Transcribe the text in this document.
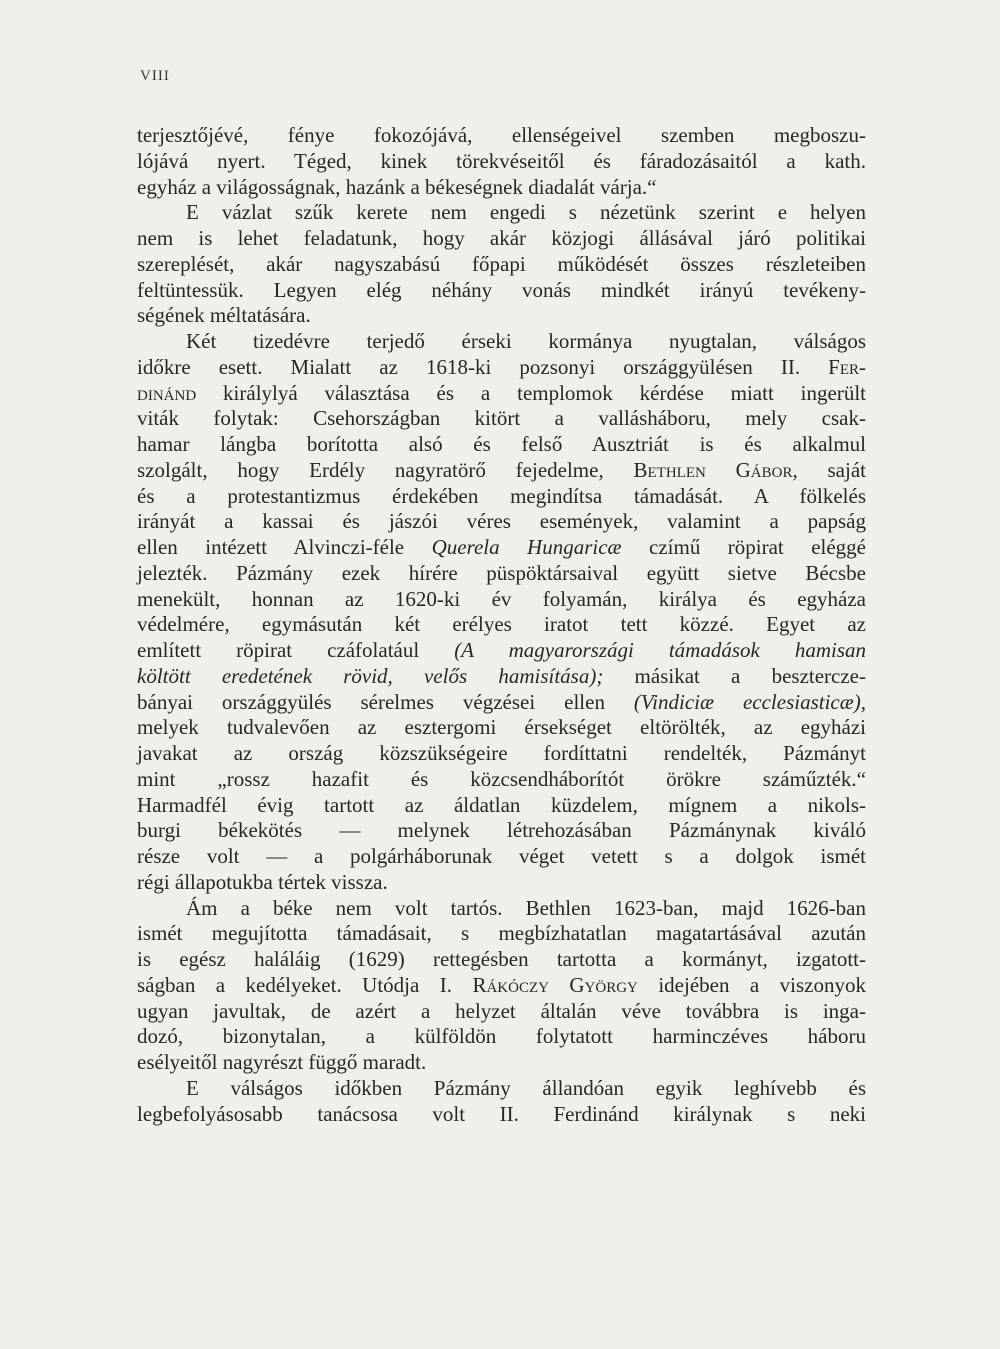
VIII
terjesztőjévé, fénye fokozójává, ellenségeivel szemben megboszu-
lójává nyert. Téged, kinek törekvéseitől és fáradozásaitól a kath.
egyház a világosságnak, hazánk a békeségnek diadalát várja.“
E vázlat szűk kerete nem engedi s nézetünk szerint e helyen
nem is lehet feladatunk, hogy akár közjogi állásával járó politikai
szereplését, akár nagyszabású főpapi működését összes részleteiben
feltüntessük. Legyen elég néhány vonás mindkét irányú tevékeny-
ségének méltatására.
Két tizedévre terjedő érseki kormánya nyugtalan, válságos
időkre esett. Mialatt az 1618-ki pozsonyi országgyülésen II. Fer-
dinánd királylyá választása és a templomok kérdése miatt ingerült
viták folytak: Csehországban kitört a vallásháboru, mely csak-
hamar lángba borította alsó és felső Ausztriát is és alkalmul
szolgált, hogy Erdély nagyratörő fejedelme, Bethlen Gábor, saját
és a protestantizmus érdekében megindítsa támadását. A fölkelés
irányát a kassai és jászói véres események, valamint a papság
ellen intézett Alvinczi-féle Querela Hungaricæ czímű röpirat eléggé
jelezték. Pázmány ezek hírére püspöktársaival együtt sietve Bécsbe
menekült, honnan az 1620-ki év folyamán, királya és egyháza
védelmére, egymásután két erélyes iratot tett közzé. Egyet az
említett röpirat czáfolatául (A magyarországi támadások hamisan
költött eredetének rövid, velős hamisítása); másikat a besztercze-
bányai országgyülés sérelmes végzései ellen (Vindiciæ ecclesiasticæ),
melyek tudvalevően az esztergomi érsekséget eltörölték, az egyházi
javakat az ország közszükségeire fordíttatni rendelték, Pázmányt
mint „rossz hazafit és közcsendháborítót örökre száműzték.“
Harmadfél évig tartott az áldatlan küzdelem, mígnem a nikols-
burgi békekötés — melynek létrehozásában Pázmánynak kiváló
része volt — a polgárháborunak véget vetett s a dolgok ismét
régi állapotukba tértek vissza.
Ám a béke nem volt tartós. Bethlen 1623-ban, majd 1626-ban
ismét megujította támadásait, s megbízhatatlan magatartásával azután
is egész haláláig (1629) rettegésben tartotta a kormányt, izgatott-
ságban a kedélyeket. Utódja I. Rákóczy György idejében a viszonyok
ugyan javultak, de azért a helyzet általán véve továbbra is inga-
dozó, bizonytalan, a külföldön folytatott harminczéves háboru
esélyeitől nagyrészt függő maradt.
E válságos időkben Pázmány állandóan egyik leghívebb és
legbefolyásosabb tanácsosa volt II. Ferdinánd királynak s neki
